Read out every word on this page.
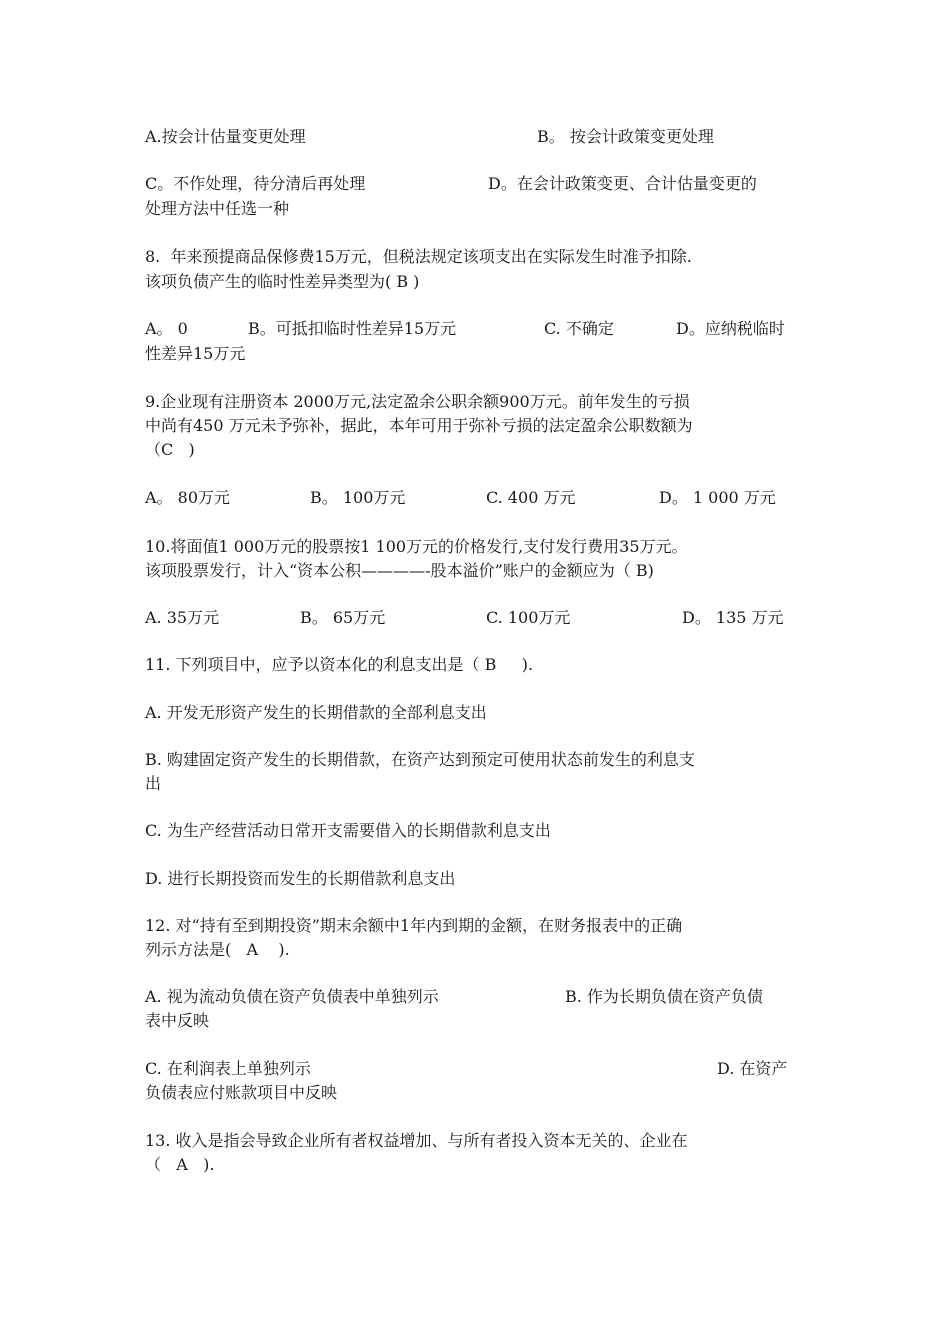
A.按会计估量变更处理	B。 按会计政策变更处理
C。不作处理，待分清后再处理	D。在会计政策变更、合计估量变更的
处理方法中任选一种
8.  年来预提商品保修费15万元，但税法规定该项支出在实际发生时准予扣除.
该项负债产生的临时性差异类型为( B )
A。 0	B。可抵扣临时性差异15万元	C. 不确定	D。应纳税临时
性差异15万元
9.企业现有注册资本 2000万元,法定盈余公职余额900万元。前年发生的亏损
中尚有450 万元未予弥补，据此，本年可用于弥补亏损的法定盈余公职数额为
（C   )
A。 80万元	B。 100万元	C. 400 万元	D。 1 000 万元
10.将面值1 000万元的股票按1 100万元的价格发行,支付发行费用35万元。
该项股票发行，计入“资本公积————-股本溢价”账户的金额应为（ B)
A. 35万元	B。 65万元	C. 100万元	D。 135 万元
11. 下列项目中，应予以资本化的利息支出是（ B     ).
A. 开发无形资产发生的长期借款的全部利息支出
B. 购建固定资产发生的长期借款，在资产达到预定可使用状态前发生的利息支
出
C. 为生产经营活动日常开支需要借入的长期借款利息支出
D. 进行长期投资而发生的长期借款利息支出
12. 对“持有至到期投资”期末余额中1年内到期的金额，在财务报表中的正确
列示方法是(   A    ).
A. 视为流动负债在资产负债表中单独列示	B. 作为长期负债在资产负债
表中反映
C. 在利润表上单独列示	D. 在资产
负债表应付账款项目中反映
13. 收入是指会导致企业所有者权益增加、与所有者投入资本无关的、企业在
（   A   ).
